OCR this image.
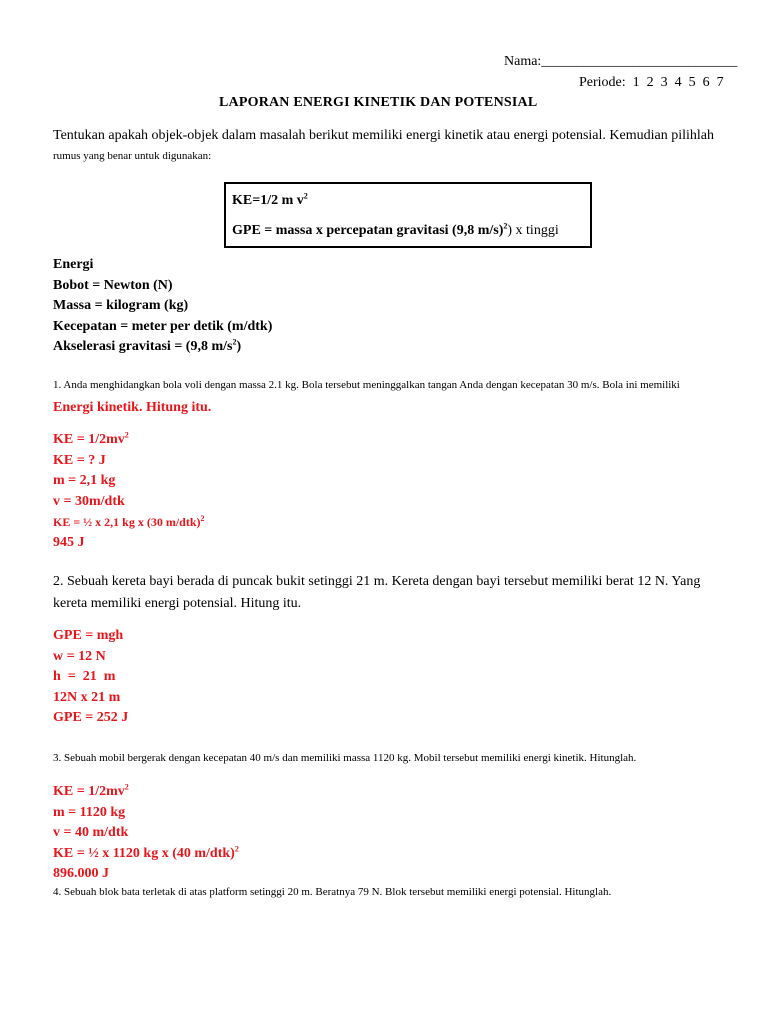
Nama:____________________________
Periode: 1  2  3  4  5  6  7
LAPORAN ENERGI KINETIK DAN POTENSIAL
Tentukan apakah objek-objek dalam masalah berikut memiliki energi kinetik atau energi potensial. Kemudian pilihlah
rumus yang benar untuk digunakan:
KE=1/2 m $v^2$
GPE = massa x percepatan gravitasi (9,8 m/s)$^2$) x tinggi
Energi
Bobot = Newton (N)
Massa = kilogram (kg)
Kecepatan = meter per detik (m/dtk)
Akselerasi gravitasi = (9,8 $m/s^2$)
1. Anda menghidangkan bola voli dengan massa 2.1 kg. Bola tersebut meninggalkan tangan Anda dengan kecepatan 30 m/s. Bola ini memiliki
Energi kinetik. Hitung itu.
KE = $1/2mv^2$
KE = ? J
m = 2,1 kg
v = 30m/dtk
KE = ½ x 2,1 kg x (30 m/dtk)$^2$
945 J
2. Sebuah kereta bayi berada di puncak bukit setinggi 21 m. Kereta dengan bayi tersebut memiliki berat 12 N. Yang
kereta memiliki energi potensial. Hitung itu.
GPE = mgh
w = 12 N
h  =  21  m
12N x 21 m
GPE = 252 J
3. Sebuah mobil bergerak dengan kecepatan 40 m/s dan memiliki massa 1120 kg. Mobil tersebut memiliki energi kinetik. Hitunglah.
KE = $1/2mv^2$
m = 1120 kg
v = 40 m/dtk
KE = ½ x 1120 kg x (40 m/dtk)$^2$
896.000 J
4. Sebuah blok bata terletak di atas platform setinggi 20 m. Beratnya 79 N. Blok tersebut memiliki energi potensial. Hitunglah.
